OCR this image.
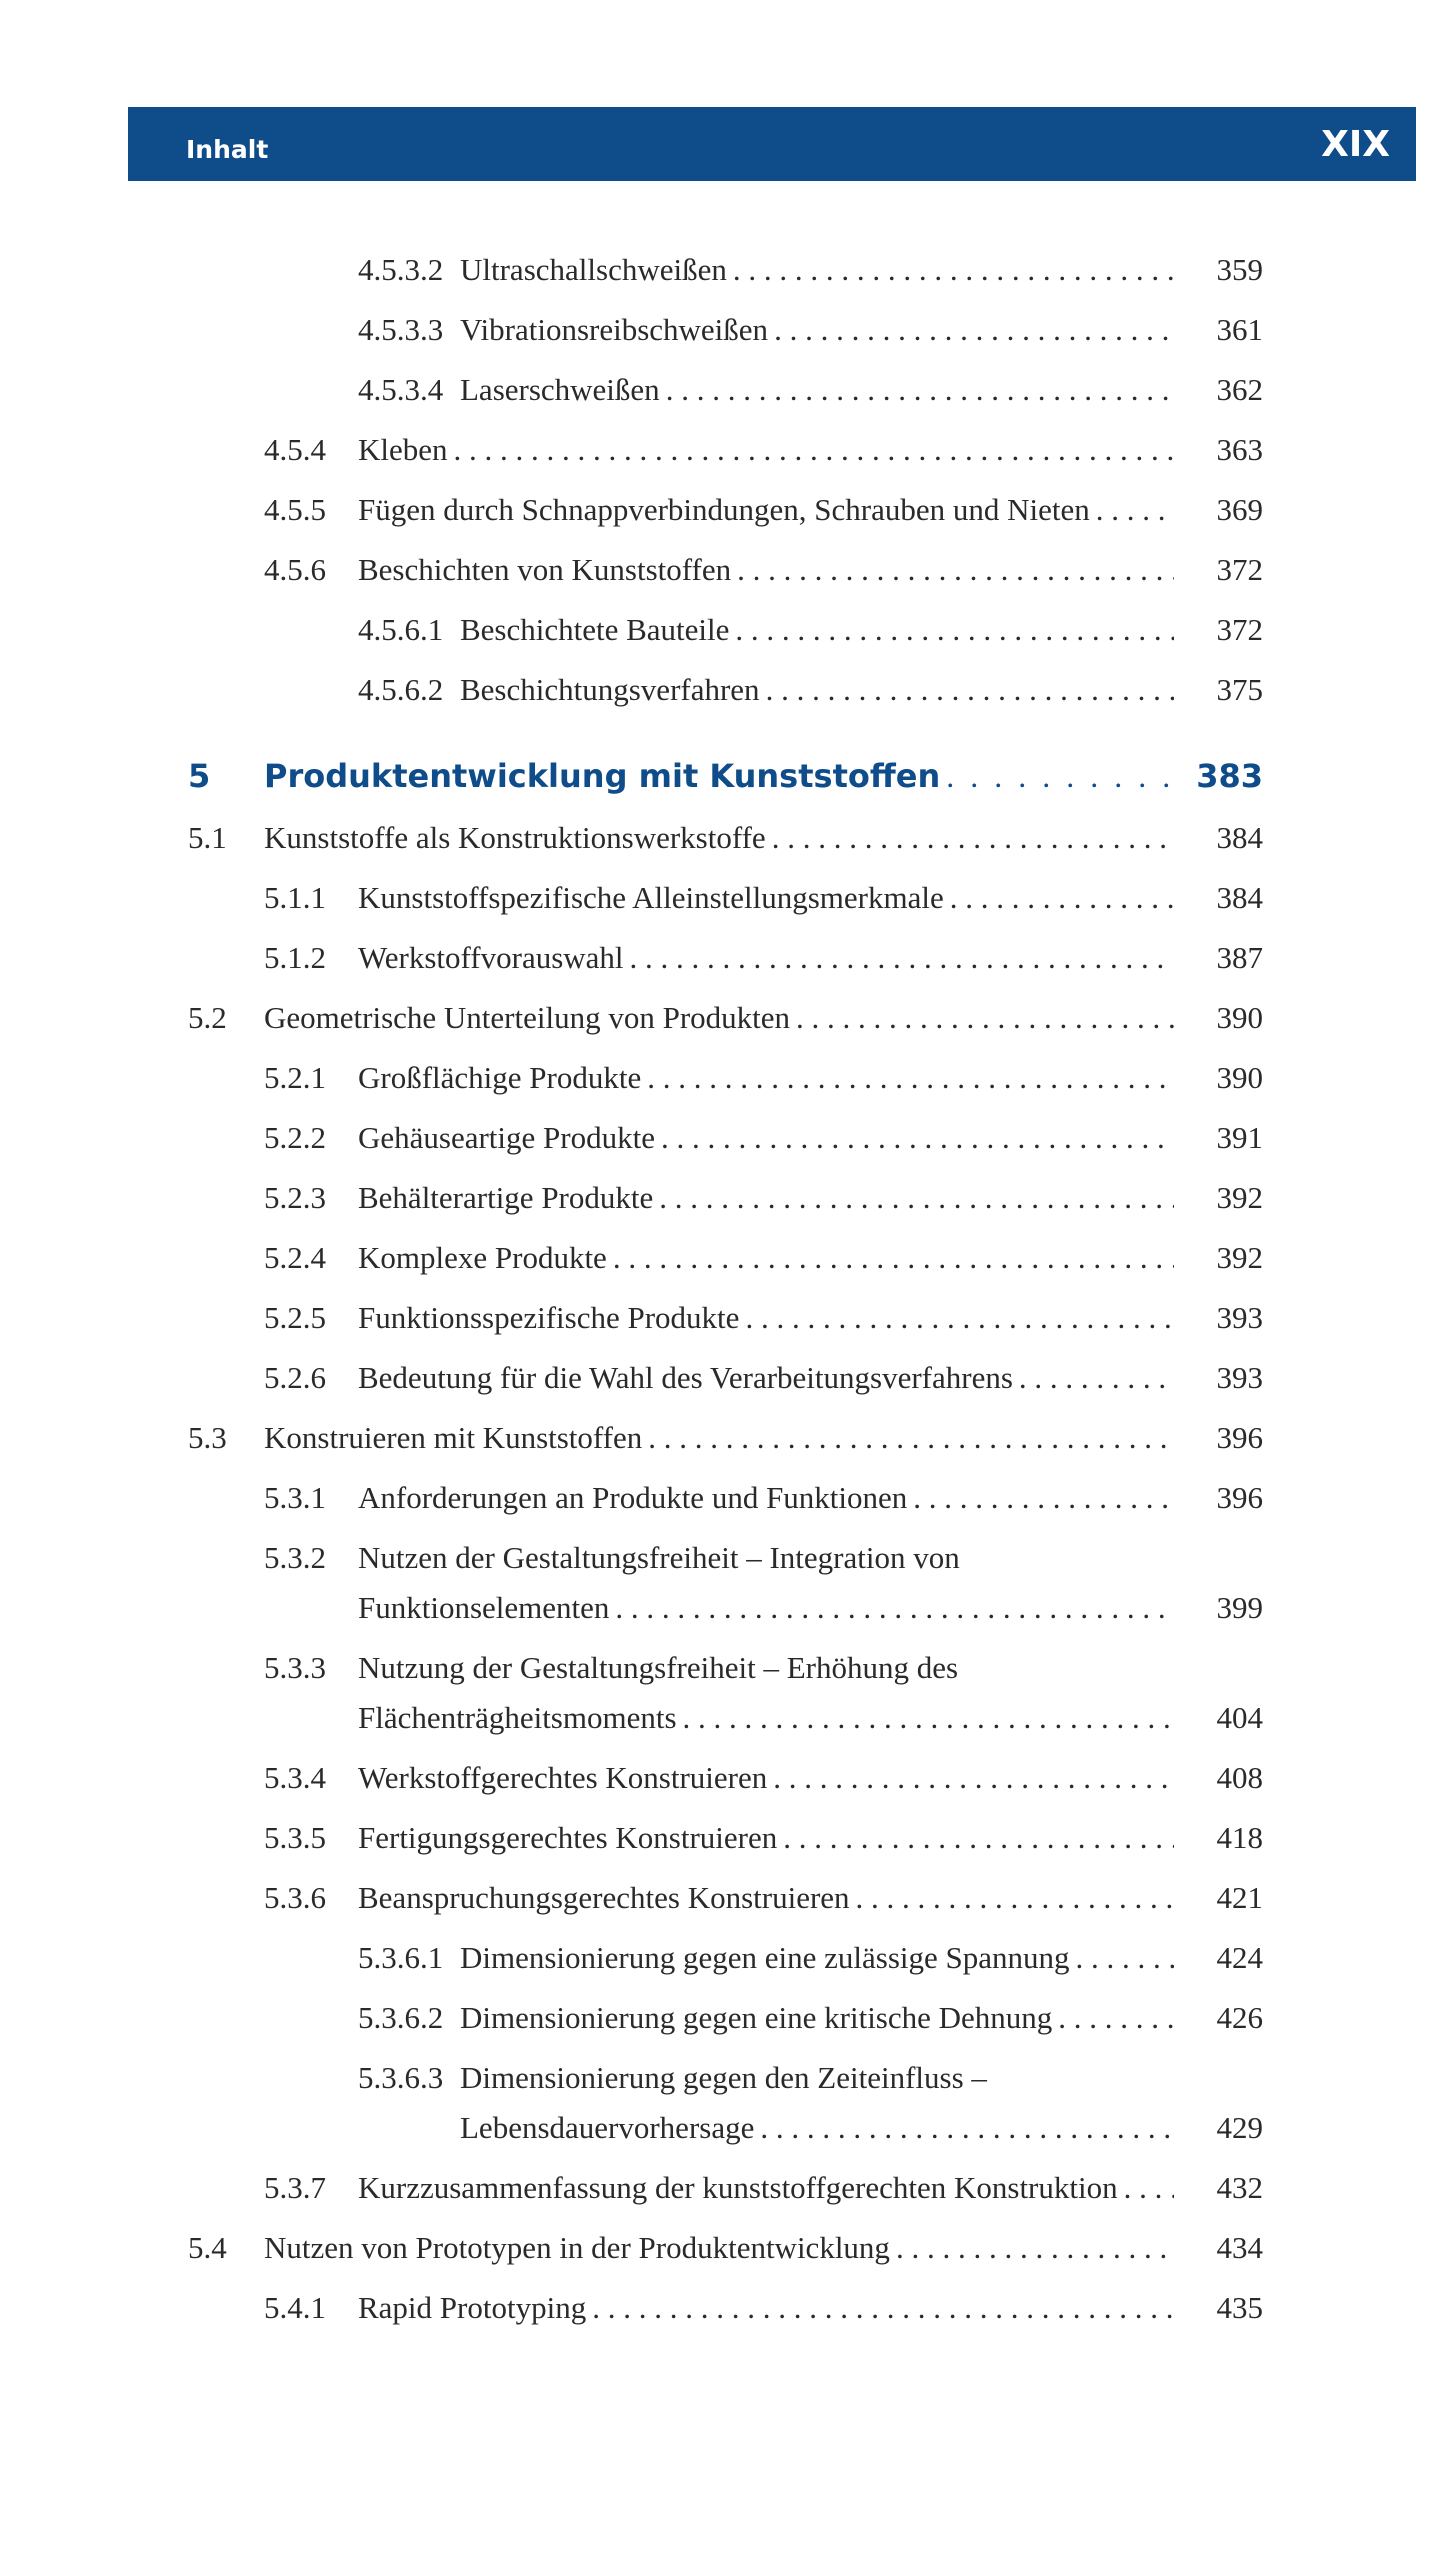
Inhalt	XIX
4.5.3.2 Ultraschallschweißen . . .	359
4.5.3.3 Vibrationsreibschweißen . . .	361
4.5.3.4 Laserschweißen . . .	362
4.5.4 Kleben . . .	363
4.5.5 Fügen durch Schnappverbindungen, Schrauben und Nieten . . .	369
4.5.6 Beschichten von Kunststoffen . . .	372
4.5.6.1 Beschichtete Bauteile . . .	372
4.5.6.2 Beschichtungsverfahren . . .	375
5 Produktentwicklung mit Kunststoffen . . .	383
5.1 Kunststoffe als Konstruktionswerkstoffe . . .	384
5.1.1 Kunststoffspezifische Alleinstellungsmerkmale . . .	384
5.1.2 Werkstoffvorauswahl . . .	387
5.2 Geometrische Unterteilung von Produkten . . .	390
5.2.1 Großflächige Produkte . . .	390
5.2.2 Gehäuseartige Produkte . . .	391
5.2.3 Behälterartige Produkte . . .	392
5.2.4 Komplexe Produkte . . .	392
5.2.5 Funktionsspezifische Produkte . . .	393
5.2.6 Bedeutung für die Wahl des Verarbeitungsverfahrens . . .	393
5.3 Konstruieren mit Kunststoffen . . .	396
5.3.1 Anforderungen an Produkte und Funktionen . . .	396
5.3.2 Nutzen der Gestaltungsfreiheit – Integration von
Funktionselementen . . .	399
5.3.3 Nutzung der Gestaltungsfreiheit – Erhöhung des
Flächenträgheitsmoments . . .	404
5.3.4 Werkstoffgerechtes Konstruieren . . .	408
5.3.5 Fertigungsgerechtes Konstruieren . . .	418
5.3.6 Beanspruchungsgerechtes Konstruieren . . .	421
5.3.6.1 Dimensionierung gegen eine zulässige Spannung . . .	424
5.3.6.2 Dimensionierung gegen eine kritische Dehnung . . .	426
5.3.6.3 Dimensionierung gegen den Zeiteinfluss –
Lebensdauervorhersage . . .	429
5.3.7 Kurzzusammenfassung der kunststoffgerechten Konstruktion . . .	432
5.4 Nutzen von Prototypen in der Produktentwicklung . . .	434
5.4.1 Rapid Prototyping . . .	435
